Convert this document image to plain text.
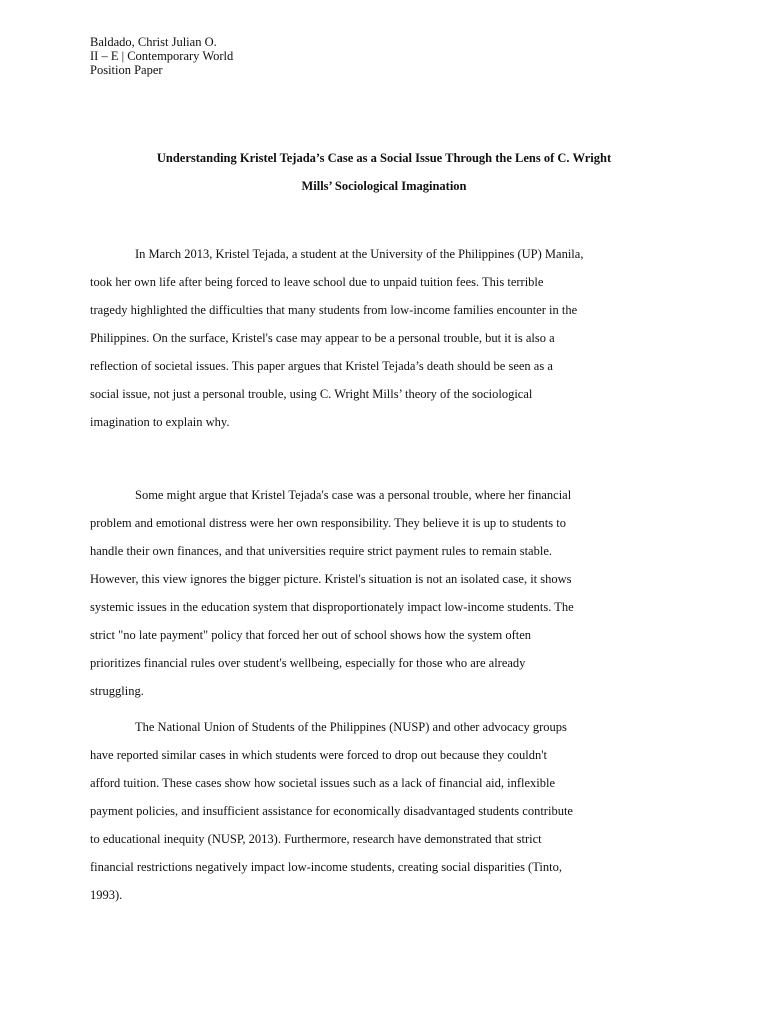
Baldado, Christ Julian O.
II – E | Contemporary World
Position Paper
Understanding Kristel Tejada’s Case as a Social Issue Through the Lens of C. Wright
Mills’ Sociological Imagination

In March 2013, Kristel Tejada, a student at the University of the Philippines (UP) Manila,
took her own life after being forced to leave school due to unpaid tuition fees. This terrible
tragedy highlighted the difficulties that many students from low-income families encounter in the
Philippines. On the surface, Kristel's case may appear to be a personal trouble, but it is also a
reflection of societal issues. This paper argues that Kristel Tejada’s death should be seen as a
social issue, not just a personal trouble, using C. Wright Mills’ theory of the sociological
imagination to explain why.

Some might argue that Kristel Tejada's case was a personal trouble, where her financial
problem and emotional distress were her own responsibility. They believe it is up to students to
handle their own finances, and that universities require strict payment rules to remain stable.
However, this view ignores the bigger picture. Kristel's situation is not an isolated case, it shows
systemic issues in the education system that disproportionately impact low-income students. The
strict "no late payment" policy that forced her out of school shows how the system often
prioritizes financial rules over student's wellbeing, especially for those who are already
struggling.

The National Union of Students of the Philippines (NUSP) and other advocacy groups
have reported similar cases in which students were forced to drop out because they couldn't
afford tuition. These cases show how societal issues such as a lack of financial aid, inflexible
payment policies, and insufficient assistance for economically disadvantaged students contribute
to educational inequity (NUSP, 2013). Furthermore, research have demonstrated that strict
financial restrictions negatively impact low-income students, creating social disparities (Tinto,
1993).
